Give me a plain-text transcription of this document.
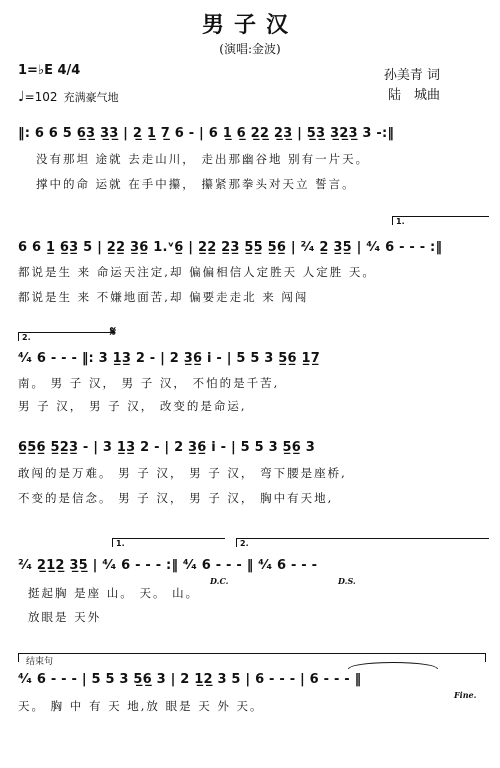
男子汉
(演唱:金波)
1=♭E 4/4
♩=102 充满豪气地
孙美青 词
陆　城曲
‖: 6 6 5 6̲3̲ 3̲3̲ | 2̲ 1̲ 7̲ 6 - | 6 1̲ 6̲ 2̲2̲ 2̲3̲ | 5̲3̲ 3̲2̲3̲ 3 -:‖
没有那坦 途就 去走山川， 走出那幽谷地 别有一片天。
撑中的命 运就 在手中攥， 攥紧那拳头对天立 誓言。
1.
6 6 1̲ 6̲3̲ 5 | 2̲2̲ 3̲6̲ 1.ᵛ6̲ | 2̲2̲ 2̲3̲ 5̲5̲ 5̲6̲ | ²⁄₄ 2̲ 3̲5̲ | ⁴⁄₄ 6 - - - :‖
都说是生 来 命运天注定,却 偏偏相信人定胜天 人定胜 天。
都说是生 来 不嫌地面苦,却 偏要走走北 来 闯闯
2.	𝄋
⁴⁄₄ 6 - - - ‖: 3 1̲3̲ 2 - | 2 3̲6̲ i - | 5 5 3 5̲6̲ 1̲7̲
南。 男 子 汉， 男 子 汉， 不怕的是千苦,
男 子 汉， 男 子 汉， 改变的是命运,
6̲5̲6̲ 5̲2̲3̲ - | 3 1̲3̲ 2 - | 2 3̲6̲ i - | 5 5 3 5̲6̲ 3
敢闯的是万难。 男 子 汉， 男 子 汉， 弯下腰是座桥,
不变的是信念。 男 子 汉， 男 子 汉， 胸中有天地,
1.	2.
²⁄₄ 2̲1̲2̲ 3̲5̲ | ⁴⁄₄ 6 - - - :‖ ⁴⁄₄ 6 - - - ‖ ⁴⁄₄ 6 - - -
D.C.	D.S.
挺起胸 是座 山。 天。 山。
放眼是 天外
结束句
⁴⁄₄ 6 - - - | 5 5 3 5̲6̲ 3 | 2 1̲2̲ 3 5 | 6 - - - | 6 - - - ‖
Fine.
天。 胸 中 有 天 地,放 眼是 天 外 天。
